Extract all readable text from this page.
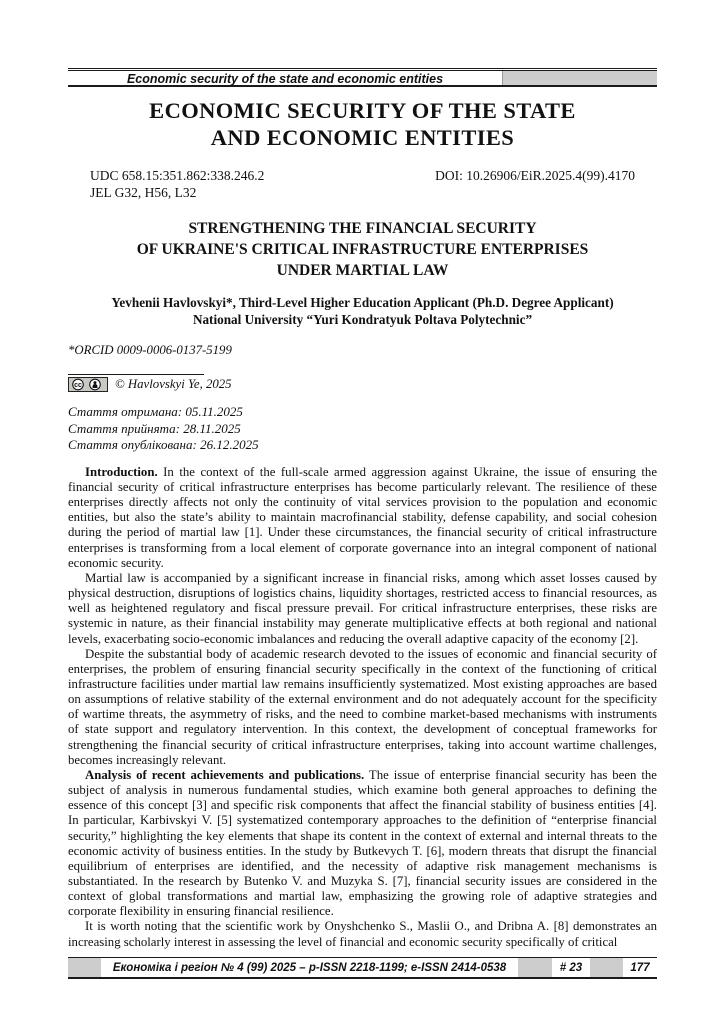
Economic security of the state and economic entities
ECONOMIC SECURITY OF THE STATE
AND ECONOMIC ENTITIES
UDC 658.15:351.862:338.246.2	DOI: 10.26906/EiR.2025.4(99).4170
JEL G32, H56, L32
STRENGTHENING THE FINANCIAL SECURITY
OF UKRAINE'S CRITICAL INFRASTRUCTURE ENTERPRISES
UNDER MARTIAL LAW
Yevhenii Havlovskyi*, Third-Level Higher Education Applicant (Ph.D. Degree Applicant)
National University “Yuri Kondratyuk Poltava Polytechnic”
*ORCID 0009-0006-0137-5199
cc	© Havlovskyi Ye, 2025
Стаття отримана: 05.11.2025
Стаття прийнята: 28.11.2025
Стаття опублікована: 26.12.2025

Introduction. In the context of the full-scale armed aggression against Ukraine, the issue of ensuring the financial security of critical infrastructure enterprises has become particularly relevant. The resilience of these enterprises directly affects not only the continuity of vital services provision to the population and economic entities, but also the state’s ability to maintain macrofinancial stability, defense capability, and social cohesion during the period of martial law [1]. Under these circumstances, the financial security of critical infrastructure enterprises is transforming from a local element of corporate governance into an integral component of national economic security.

Martial law is accompanied by a significant increase in financial risks, among which asset losses caused by physical destruction, disruptions of logistics chains, liquidity shortages, restricted access to financial resources, as well as heightened regulatory and fiscal pressure prevail. For critical infrastructure enterprises, these risks are systemic in nature, as their financial instability may generate multiplicative effects at both regional and national levels, exacerbating socio-economic imbalances and reducing the overall adaptive capacity of the economy [2].

Despite the substantial body of academic research devoted to the issues of economic and financial security of enterprises, the problem of ensuring financial security specifically in the context of the functioning of critical infrastructure facilities under martial law remains insufficiently systematized. Most existing approaches are based on assumptions of relative stability of the external environment and do not adequately account for the specificity of wartime threats, the asymmetry of risks, and the need to combine market-based mechanisms with instruments of state support and regulatory intervention. In this context, the development of conceptual frameworks for strengthening the financial security of critical infrastructure enterprises, taking into account wartime challenges, becomes increasingly relevant.

Analysis of recent achievements and publications. The issue of enterprise financial security has been the subject of analysis in numerous fundamental studies, which examine both general approaches to defining the essence of this concept [3] and specific risk components that affect the financial stability of business entities [4]. In particular, Karbivskyi V. [5] systematized contemporary approaches to the definition of “enterprise financial security,” highlighting the key elements that shape its content in the context of external and internal threats to the economic activity of business entities. In the study by Butkevych T. [6], modern threats that disrupt the financial equilibrium of enterprises are identified, and the necessity of adaptive risk management mechanisms is substantiated. In the research by Butenko V. and Muzyka S. [7], financial security issues are considered in the context of global transformations and martial law, emphasizing the growing role of adaptive strategies and corporate flexibility in ensuring financial resilience.

It is worth noting that the scientific work by Onyshchenko S., Maslii O., and Dribna A. [8] demonstrates an increasing scholarly interest in assessing the level of financial and economic security specifically of critical

Економіка і регіон № 4 (99) 2025 – p-ISSN 2218-1199; e-ISSN 2414-0538	# 23	177
